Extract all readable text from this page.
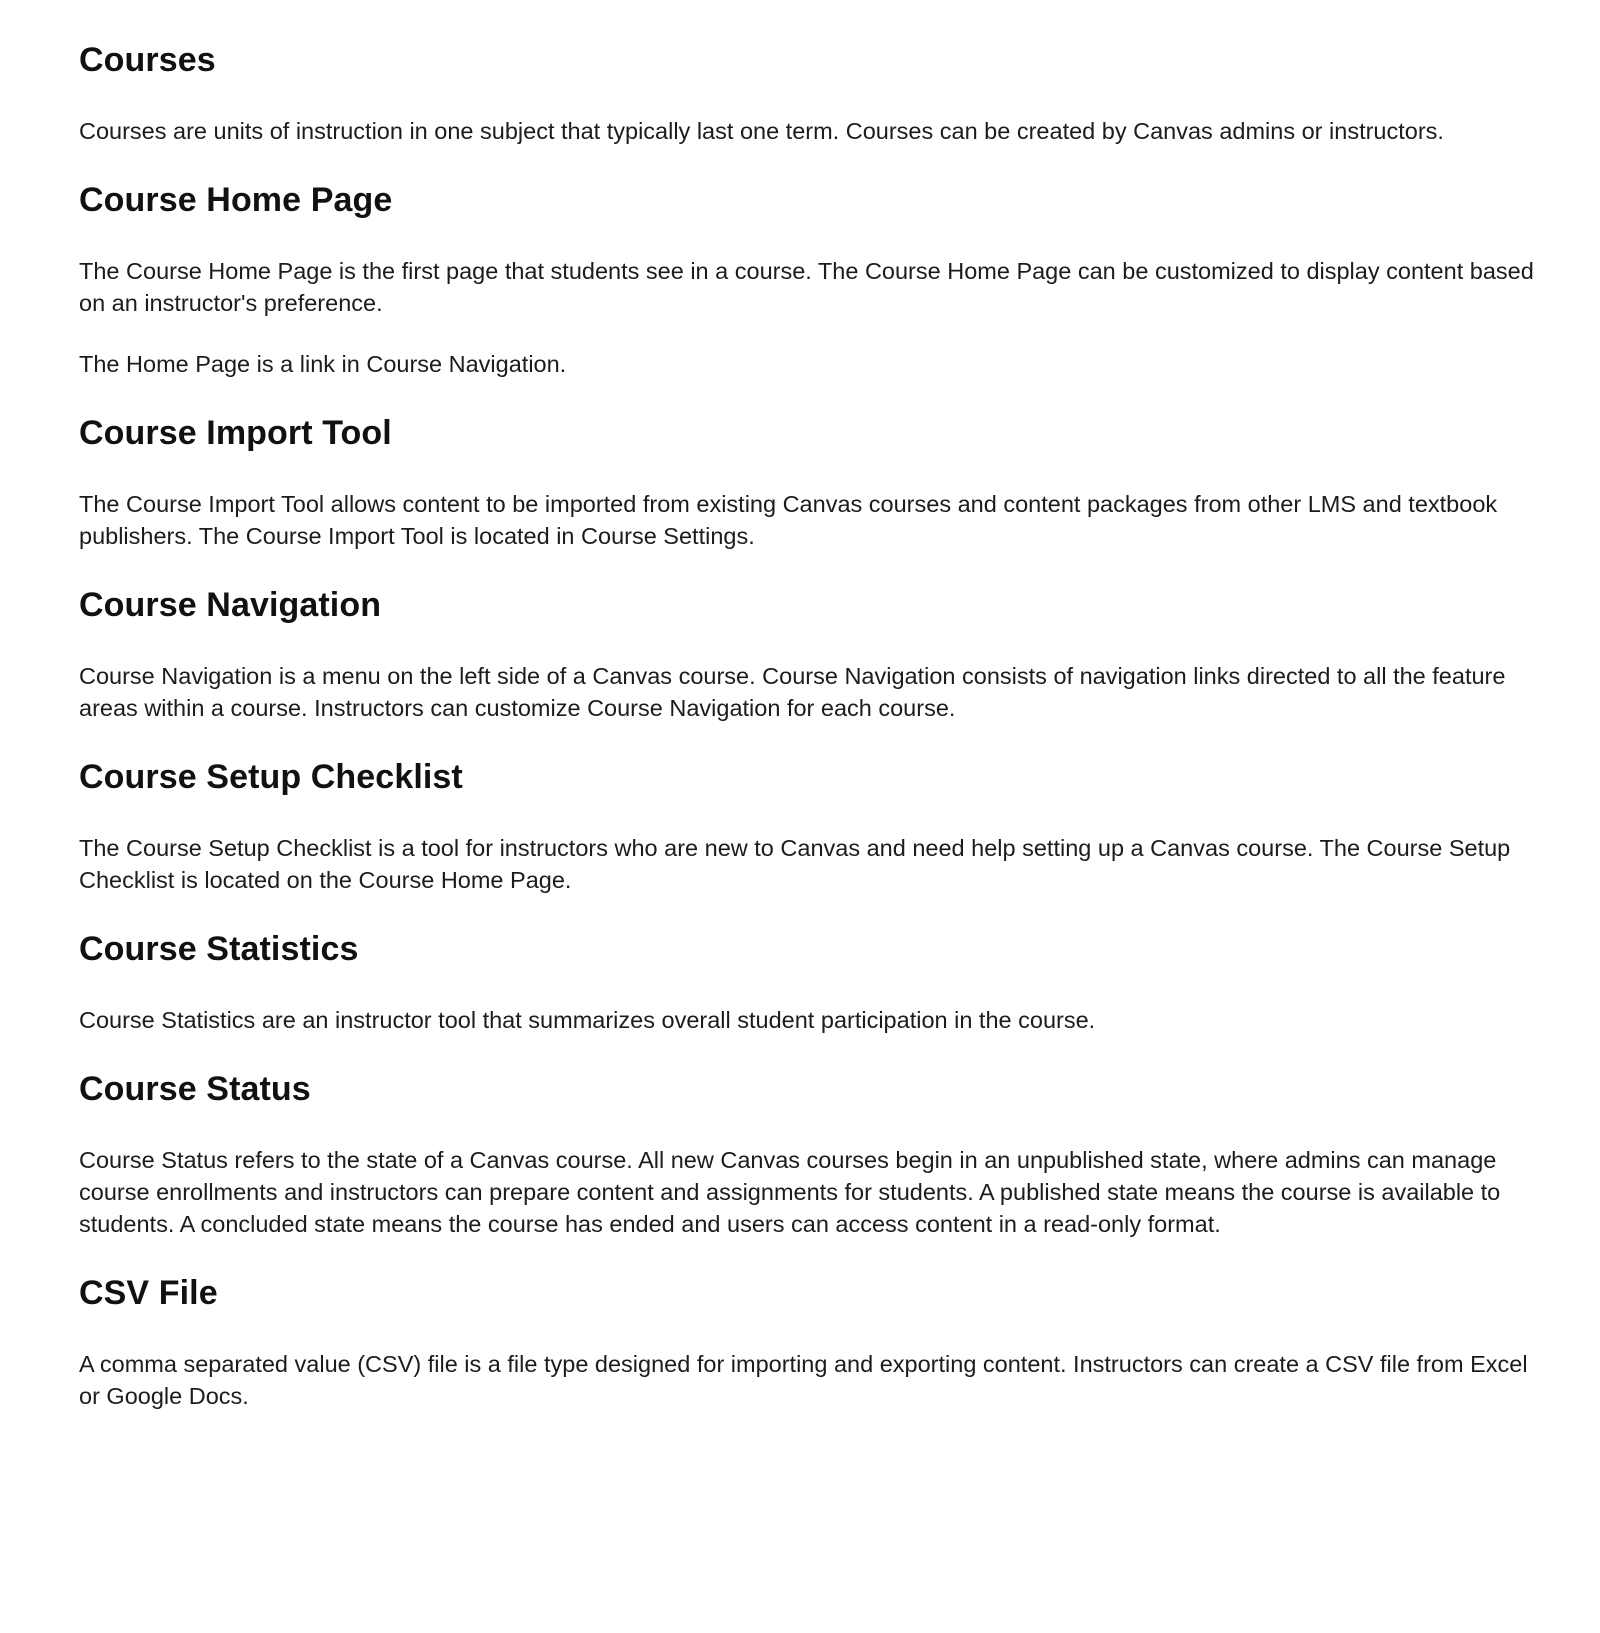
Courses

Courses are units of instruction in one subject that typically last one term. Courses can be created by Canvas admins or instructors.

Course Home Page

The Course Home Page is the first page that students see in a course. The Course Home Page can be customized to display content based on an instructor's preference.

The Home Page is a link in Course Navigation.

Course Import Tool

The Course Import Tool allows content to be imported from existing Canvas courses and content packages from other LMS and textbook publishers. The Course Import Tool is located in Course Settings.

Course Navigation

Course Navigation is a menu on the left side of a Canvas course. Course Navigation consists of navigation links directed to all the feature areas within a course. Instructors can customize Course Navigation for each course.

Course Setup Checklist

The Course Setup Checklist is a tool for instructors who are new to Canvas and need help setting up a Canvas course. The Course Setup Checklist is located on the Course Home Page.

Course Statistics

Course Statistics are an instructor tool that summarizes overall student participation in the course.

Course Status

Course Status refers to the state of a Canvas course. All new Canvas courses begin in an unpublished state, where admins can manage course enrollments and instructors can prepare content and assignments for students. A published state means the course is available to students. A concluded state means the course has ended and users can access content in a read-only format.

CSV File

A comma separated value (CSV) file is a file type designed for importing and exporting content. Instructors can create a CSV file from Excel or Google Docs.
